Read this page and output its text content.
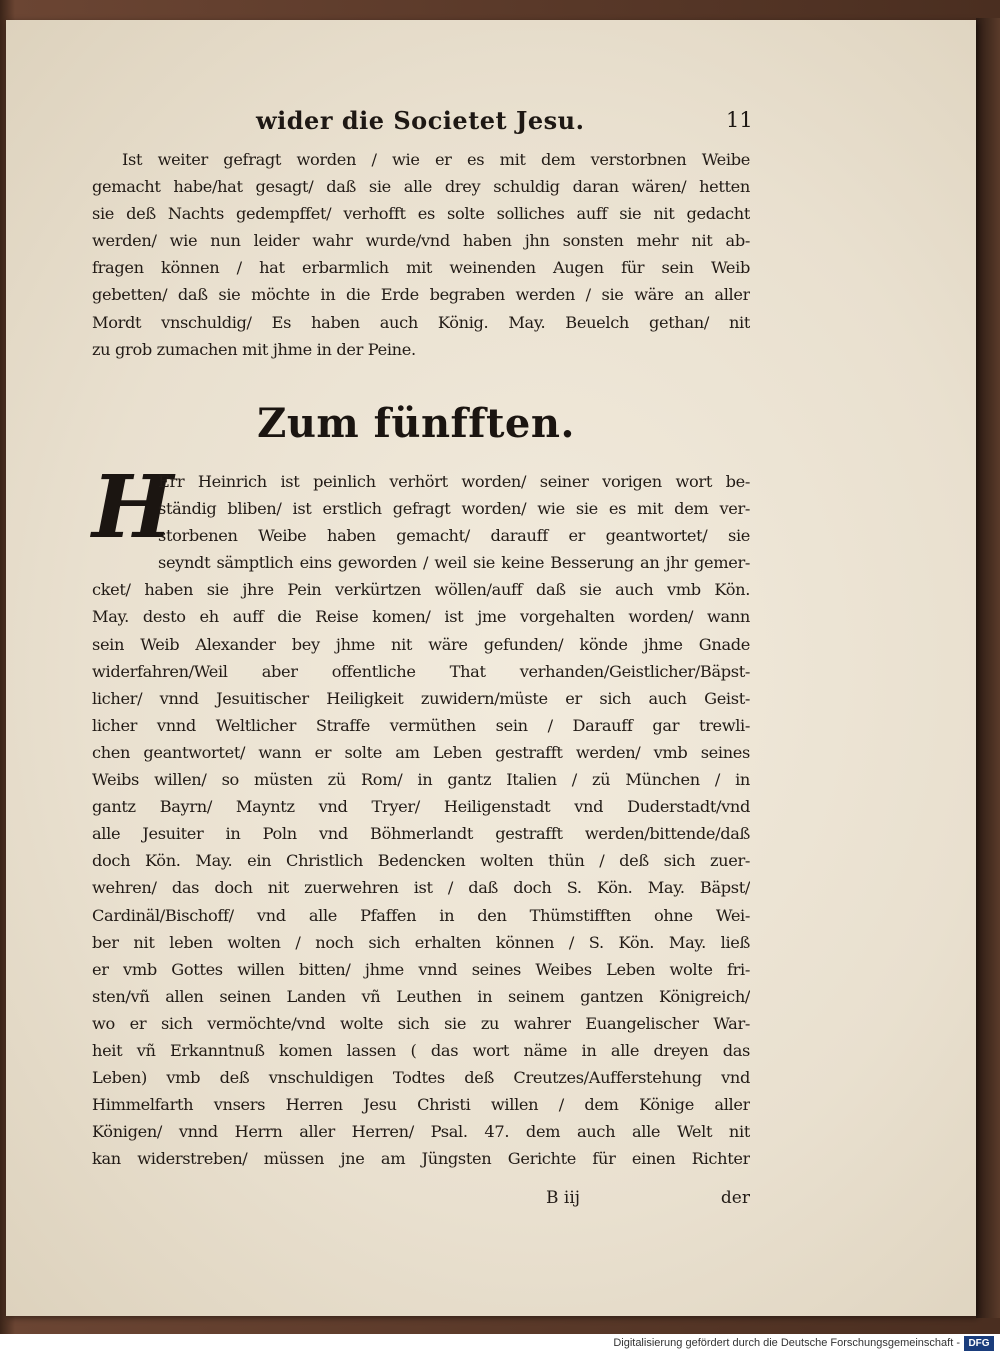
wider die Societet Jesu.	11
Ist weiter gefragt worden / wie er es mit dem verstorbnen Weibe
gemacht habe/hat gesagt/ daß sie alle drey schuldig daran wären/ hetten
sie deß Nachts gedempffet/ verhofft es solte solliches auff sie nit gedacht
werden/ wie nun leider wahr wurde/vnd haben jhn sonsten mehr nit ab-
fragen können / hat erbarmlich mit weinenden Augen für sein Weib
gebetten/ daß sie möchte in die Erde begraben werden / sie wäre an aller
Mordt vnschuldig/ Es haben auch König. May. Beuelch gethan/ nit
zu grob zumachen mit jhme in der Peine.
Zum fünfften.
H
Err Heinrich ist peinlich verhört worden/ seiner vorigen wort be-
ständig bliben/ ist erstlich gefragt worden/ wie sie es mit dem ver-
storbenen Weibe haben gemacht/ darauff er geantwortet/ sie
seyndt sämptlich eins geworden / weil sie keine Besserung an jhr gemer-
cket/ haben sie jhre Pein verkürtzen wöllen/auff daß sie auch vmb Kön.
May. desto eh auff die Reise komen/ ist jme vorgehalten worden/ wann
sein Weib Alexander bey jhme nit wäre gefunden/ könde jhme Gnade
widerfahren/Weil aber offentliche That verhanden/Geistlicher/Bäpst-
licher/ vnnd Jesuitischer Heiligkeit zuwidern/müste er sich auch Geist-
licher vnnd Weltlicher Straffe vermüthen sein / Darauff gar trewli-
chen geantwortet/ wann er solte am Leben gestrafft werden/ vmb seines
Weibs willen/ so müsten zü Rom/ in gantz Italien / zü München / in
gantz Bayrn/ Mayntz vnd Tryer/ Heiligenstadt vnd Duderstadt/vnd
alle Jesuiter in Poln vnd Böhmerlandt gestrafft werden/bittende/daß
doch Kön. May. ein Christlich Bedencken wolten thün / deß sich zuer-
wehren/ das doch nit zuerwehren ist / daß doch S. Kön. May. Bäpst/
Cardinäl/Bischoff/ vnd alle Pfaffen in den Thümstifften ohne Wei-
ber nit leben wolten / noch sich erhalten können / S. Kön. May. ließ
er vmb Gottes willen bitten/ jhme vnnd seines Weibes Leben wolte fri-
sten/vñ allen seinen Landen vñ Leuthen in seinem gantzen Königreich/
wo er sich vermöchte/vnd wolte sich sie zu wahrer Euangelischer War-
heit vñ Erkanntnuß komen lassen ( das wort näme in alle dreyen das
Leben) vmb deß vnschuldigen Todtes deß Creutzes/Aufferstehung vnd
Himmelfarth vnsers Herren Jesu Christi willen / dem Könige aller
Königen/ vnnd Herrn aller Herren/ Psal. 47. dem auch alle Welt nit
kan widerstreben/ müssen jne am Jüngsten Gerichte für einen Richter
B iij	der
Digitalisierung gefördert durch die Deutsche Forschungsgemeinschaft - DFG
